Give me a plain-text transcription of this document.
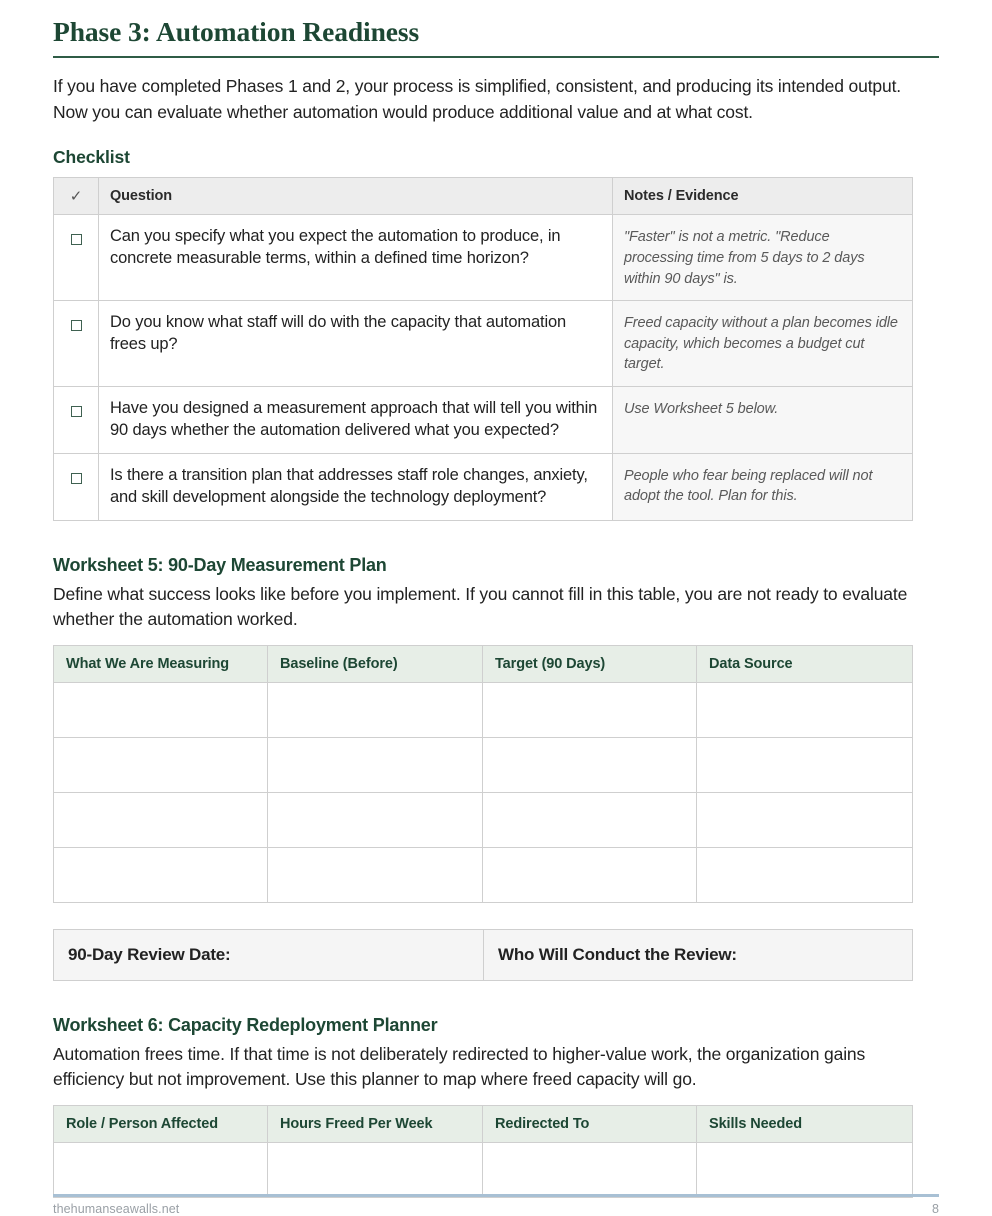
Phase 3: Automation Readiness

If you have completed Phases 1 and 2, your process is simplified, consistent, and producing its intended output. Now you can evaluate whether automation would produce additional value and at what cost.

Checklist
✓	Question	Notes / Evidence
	Can you specify what you expect the automation to produce, in concrete measurable terms, within a defined time horizon?	"Faster" is not a metric. "Reduce processing time from 5 days to 2 days within 90 days" is.
	Do you know what staff will do with the capacity that automation frees up?	Freed capacity without a plan becomes idle capacity, which becomes a budget cut target.
	Have you designed a measurement approach that will tell you within 90 days whether the automation delivered what you expected?	Use Worksheet 5 below.
	Is there a transition plan that addresses staff role changes, anxiety, and skill development alongside the technology deployment?	People who fear being replaced will not adopt the tool. Plan for this.
Worksheet 5: 90-Day Measurement Plan

Define what success looks like before you implement. If you cannot fill in this table, you are not ready to evaluate whether the automation worked.

What We Are Measuring	Baseline (Before)	Target (90 Days)	Data Source

90-Day Review Date:	Who Will Conduct the Review:
Worksheet 6: Capacity Redeployment Planner

Automation frees time. If that time is not deliberately redirected to higher-value work, the organization gains efficiency but not improvement. Use this planner to map where freed capacity will go.

Role / Person Affected	Hours Freed Per Week	Redirected To	Skills Needed

thehumanseawalls.net	8
